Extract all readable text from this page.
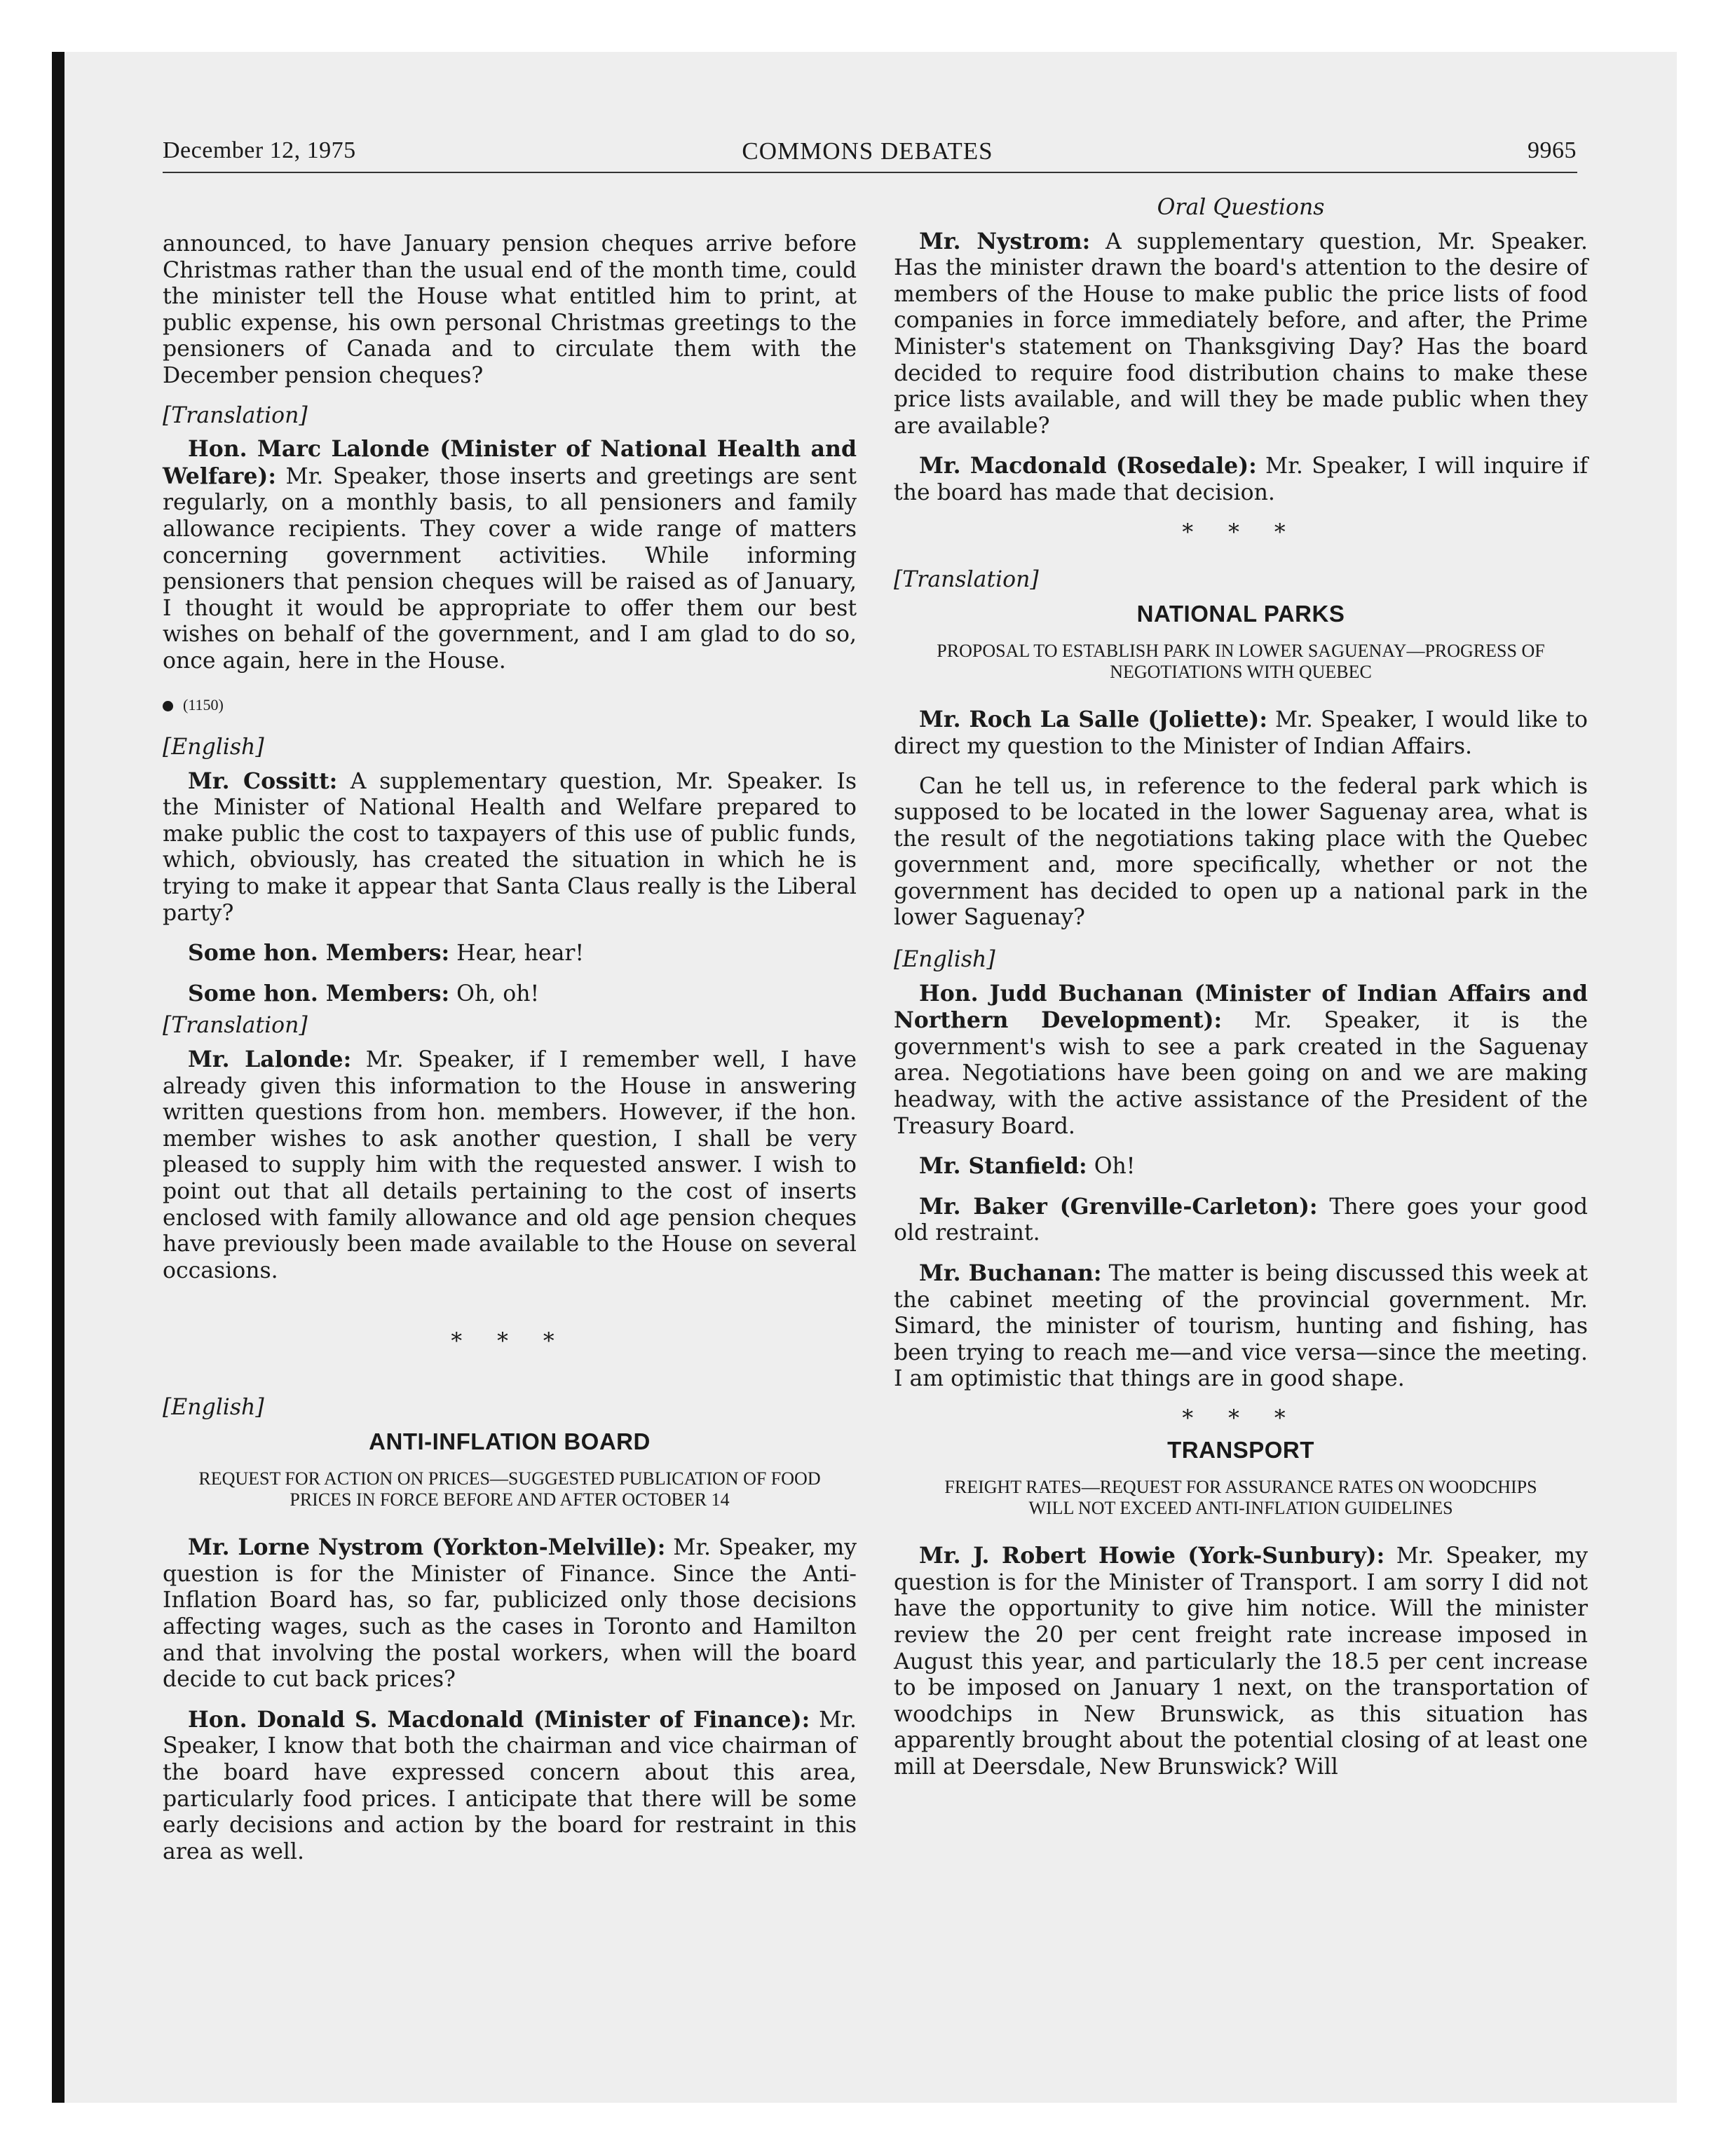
December 12, 1975	COMMONS DEBATES	9965

announced, to have January pension cheques arrive before Christmas rather than the usual end of the month time, could the minister tell the House what entitled him to print, at public expense, his own personal Christmas greetings to the pensioners of Canada and to circulate them with the December pension cheques?

[Translation]

Hon. Marc Lalonde (Minister of National Health and Welfare): Mr. Speaker, those inserts and greetings are sent regularly, on a monthly basis, to all pensioners and family allowance recipients. They cover a wide range of matters concerning government activities. While informing pensioners that pension cheques will be raised as of January, I thought it would be appropriate to offer them our best wishes on behalf of the government, and I am glad to do so, once again, here in the House.

(1150)
[English]

Mr. Cossitt: A supplementary question, Mr. Speaker. Is the Minister of National Health and Welfare prepared to make public the cost to taxpayers of this use of public funds, which, obviously, has created the situation in which he is trying to make it appear that Santa Claus really is the Liberal party?

Some hon. Members: Hear, hear!

Some hon. Members: Oh, oh!

[Translation]

Mr. Lalonde: Mr. Speaker, if I remember well, I have already given this information to the House in answering written questions from hon. members. However, if the hon. member wishes to ask another question, I shall be very pleased to supply him with the requested answer. I wish to point out that all details pertaining to the cost of inserts enclosed with family allowance and old age pension cheques have previously been made available to the House on several occasions.

* * *
[English]
ANTI-INFLATION BOARD
REQUEST FOR ACTION ON PRICES—SUGGESTED PUBLICATION OF FOOD PRICES IN FORCE BEFORE AND AFTER OCTOBER 14

Mr. Lorne Nystrom (Yorkton-Melville): Mr. Speaker, my question is for the Minister of Finance. Since the Anti-Inflation Board has, so far, publicized only those decisions affecting wages, such as the cases in Toronto and Hamilton and that involving the postal workers, when will the board decide to cut back prices?

Hon. Donald S. Macdonald (Minister of Finance): Mr. Speaker, I know that both the chairman and vice chairman of the board have expressed concern about this area, particularly food prices. I anticipate that there will be some early decisions and action by the board for restraint in this area as well.

Oral Questions

Mr. Nystrom: A supplementary question, Mr. Speaker. Has the minister drawn the board's attention to the desire of members of the House to make public the price lists of food companies in force immediately before, and after, the Prime Minister's statement on Thanksgiving Day? Has the board decided to require food distribution chains to make these price lists available, and will they be made public when they are available?

Mr. Macdonald (Rosedale): Mr. Speaker, I will inquire if the board has made that decision.

* * *
[Translation]
NATIONAL PARKS
PROPOSAL TO ESTABLISH PARK IN LOWER SAGUENAY—PROGRESS OF NEGOTIATIONS WITH QUEBEC

Mr. Roch La Salle (Joliette): Mr. Speaker, I would like to direct my question to the Minister of Indian Affairs.

Can he tell us, in reference to the federal park which is supposed to be located in the lower Saguenay area, what is the result of the negotiations taking place with the Quebec government and, more specifically, whether or not the government has decided to open up a national park in the lower Saguenay?

[English]

Hon. Judd Buchanan (Minister of Indian Affairs and Northern Development): Mr. Speaker, it is the government's wish to see a park created in the Saguenay area. Negotiations have been going on and we are making headway, with the active assistance of the President of the Treasury Board.

Mr. Stanfield: Oh!

Mr. Baker (Grenville-Carleton): There goes your good old restraint.

Mr. Buchanan: The matter is being discussed this week at the cabinet meeting of the provincial government. Mr. Simard, the minister of tourism, hunting and fishing, has been trying to reach me—and vice versa—since the meeting. I am optimistic that things are in good shape.

* * *
TRANSPORT
FREIGHT RATES—REQUEST FOR ASSURANCE RATES ON WOODCHIPS WILL NOT EXCEED ANTI-INFLATION GUIDELINES

Mr. J. Robert Howie (York-Sunbury): Mr. Speaker, my question is for the Minister of Transport. I am sorry I did not have the opportunity to give him notice. Will the minister review the 20 per cent freight rate increase imposed in August this year, and particularly the 18.5 per cent increase to be imposed on January 1 next, on the transportation of woodchips in New Brunswick, as this situation has apparently brought about the potential closing of at least one mill at Deersdale, New Brunswick? Will
